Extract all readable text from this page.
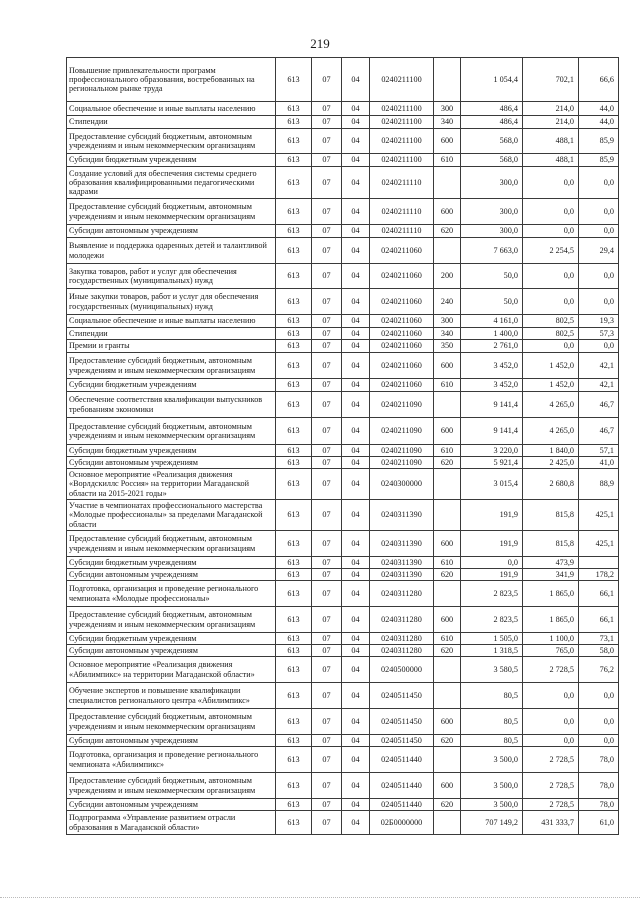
219
Повышение привлекательности программ профессионального образования, востребованных на региональном рынке труда	613	07	04	0240211100		1 054,4	702,1	66,6
Социальное обеспечение и иные выплаты населению	613	07	04	0240211100	300	486,4	214,0	44,0
Стипендии	613	07	04	0240211100	340	486,4	214,0	44,0
Предоставление субсидий бюджетным, автономным учреждениям и иным некоммерческим организациям	613	07	04	0240211100	600	568,0	488,1	85,9
Субсидии бюджетным учреждениям	613	07	04	0240211100	610	568,0	488,1	85,9
Создание условий для обеспечения системы среднего образования квалифицированными педагогическими кадрами	613	07	04	0240211110		300,0	0,0	0,0
Предоставление субсидий бюджетным, автономным учреждениям и иным некоммерческим организациям	613	07	04	0240211110	600	300,0	0,0	0,0
Субсидии автономным учреждениям	613	07	04	0240211110	620	300,0	0,0	0,0
Выявление и поддержка одаренных детей и талантливой молодежи	613	07	04	0240211060		7 663,0	2 254,5	29,4
Закупка товаров, работ и услуг для обеспечения государственных (муниципальных) нужд	613	07	04	0240211060	200	50,0	0,0	0,0
Иные закупки товаров, работ и услуг для обеспечения государственных (муниципальных) нужд	613	07	04	0240211060	240	50,0	0,0	0,0
Социальное обеспечение и иные выплаты населению	613	07	04	0240211060	300	4 161,0	802,5	19,3
Стипендии	613	07	04	0240211060	340	1 400,0	802,5	57,3
Премии и гранты	613	07	04	0240211060	350	2 761,0	0,0	0,0
Предоставление субсидий бюджетным, автономным учреждениям и иным некоммерческим организациям	613	07	04	0240211060	600	3 452,0	1 452,0	42,1
Субсидии бюджетным учреждениям	613	07	04	0240211060	610	3 452,0	1 452,0	42,1
Обеспечение соответствия квалификации выпускников требованиям экономики	613	07	04	0240211090		9 141,4	4 265,0	46,7
Предоставление субсидий бюджетным, автономным учреждениям и иным некоммерческим организациям	613	07	04	0240211090	600	9 141,4	4 265,0	46,7
Субсидии бюджетным учреждениям	613	07	04	0240211090	610	3 220,0	1 840,0	57,1
Субсидии автономным учреждениям	613	07	04	0240211090	620	5 921,4	2 425,0	41,0
Основное мероприятие «Реализация движения «Ворлдскиллс Россия» на территории Магаданской области на 2015-2021 годы»	613	07	04	0240300000		3 015,4	2 680,8	88,9
Участие в чемпионатах профессионального мастерства «Молодые профессионалы» за пределами Магаданской области	613	07	04	0240311390		191,9	815,8	425,1
Предоставление субсидий бюджетным, автономным учреждениям и иным некоммерческим организациям	613	07	04	0240311390	600	191,9	815,8	425,1
Субсидии бюджетным учреждениям	613	07	04	0240311390	610	0,0	473,9	
Субсидии автономным учреждениям	613	07	04	0240311390	620	191,9	341,9	178,2
Подготовка, организация и проведение регионального чемпионата «Молодые профессионалы»	613	07	04	0240311280		2 823,5	1 865,0	66,1
Предоставление субсидий бюджетным, автономным учреждениям и иным некоммерческим организациям	613	07	04	0240311280	600	2 823,5	1 865,0	66,1
Субсидии бюджетным учреждениям	613	07	04	0240311280	610	1 505,0	1 100,0	73,1
Субсидии автономным учреждениям	613	07	04	0240311280	620	1 318,5	765,0	58,0
Основное мероприятие «Реализация движения «Абилимпикс» на территории Магаданской области»	613	07	04	0240500000		3 580,5	2 728,5	76,2
Обучение экспертов и повышение квалификации специалистов регионального центра «Абилимпикс»	613	07	04	0240511450		80,5	0,0	0,0
Предоставление субсидий бюджетным, автономным учреждениям и иным некоммерческим организациям	613	07	04	0240511450	600	80,5	0,0	0,0
Субсидии автономным учреждениям	613	07	04	0240511450	620	80,5	0,0	0,0
Подготовка, организация и проведение регионального чемпионата «Абилимпикс»	613	07	04	0240511440		3 500,0	2 728,5	78,0
Предоставление субсидий бюджетным, автономным учреждениям и иным некоммерческим организациям	613	07	04	0240511440	600	3 500,0	2 728,5	78,0
Субсидии автономным учреждениям	613	07	04	0240511440	620	3 500,0	2 728,5	78,0
Подпрограмма «Управление развитием отрасли образования в Магаданской области»	613	07	04	02Б0000000		707 149,2	431 333,7	61,0
